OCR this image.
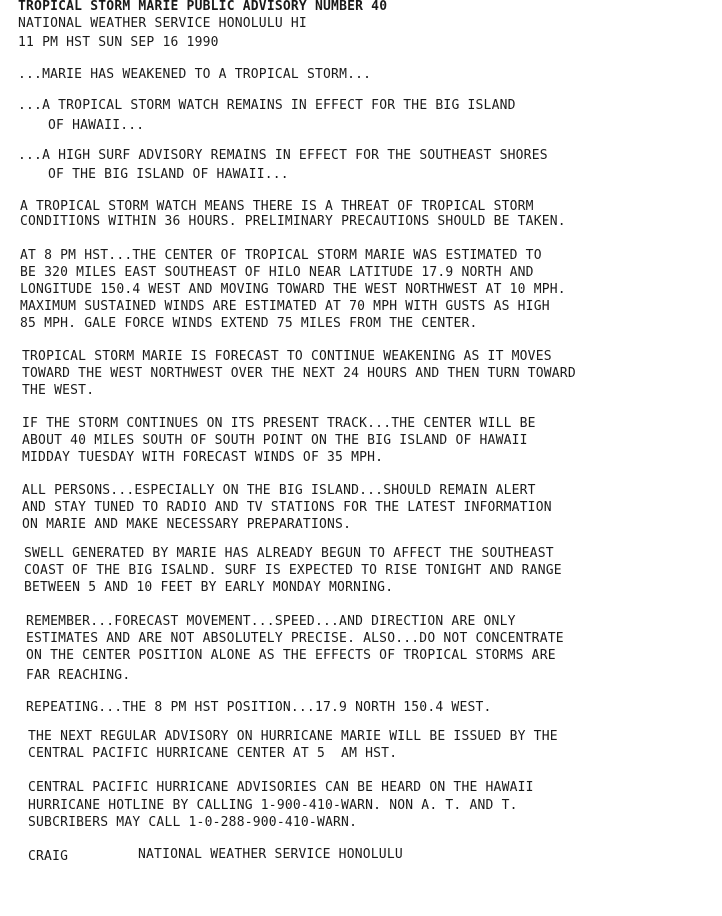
TROPICAL STORM MARIE PUBLIC ADVISORY NUMBER 40

NATIONAL WEATHER SERVICE HONOLULU HI

11 PM HST SUN SEP 16 1990

...MARIE HAS WEAKENED TO A TROPICAL STORM...

...A TROPICAL STORM WATCH REMAINS IN EFFECT FOR THE BIG ISLAND

OF HAWAII...

...A HIGH SURF ADVISORY REMAINS IN EFFECT FOR THE SOUTHEAST SHORES

OF THE BIG ISLAND OF HAWAII...

A TROPICAL STORM WATCH MEANS THERE IS A THREAT OF TROPICAL STORM

CONDITIONS WITHIN 36 HOURS. PRELIMINARY PRECAUTIONS SHOULD BE TAKEN.

AT 8 PM HST...THE CENTER OF TROPICAL STORM MARIE WAS ESTIMATED TO

BE 320 MILES EAST SOUTHEAST OF HILO NEAR LATITUDE 17.9 NORTH AND

LONGITUDE 150.4 WEST AND MOVING TOWARD THE WEST NORTHWEST AT 10 MPH.

MAXIMUM SUSTAINED WINDS ARE ESTIMATED AT 70 MPH WITH GUSTS AS HIGH

85 MPH. GALE FORCE WINDS EXTEND 75 MILES FROM THE CENTER.

TROPICAL STORM MARIE IS FORECAST TO CONTINUE WEAKENING AS IT MOVES

TOWARD THE WEST NORTHWEST OVER THE NEXT 24 HOURS AND THEN TURN TOWARD

THE WEST.

IF THE STORM CONTINUES ON ITS PRESENT TRACK...THE CENTER WILL BE

ABOUT 40 MILES SOUTH OF SOUTH POINT ON THE BIG ISLAND OF HAWAII

MIDDAY TUESDAY WITH FORECAST WINDS OF 35 MPH.

ALL PERSONS...ESPECIALLY ON THE BIG ISLAND...SHOULD REMAIN ALERT

AND STAY TUNED TO RADIO AND TV STATIONS FOR THE LATEST INFORMATION

ON MARIE AND MAKE NECESSARY PREPARATIONS.

SWELL GENERATED BY MARIE HAS ALREADY BEGUN TO AFFECT THE SOUTHEAST

COAST OF THE BIG ISALND. SURF IS EXPECTED TO RISE TONIGHT AND RANGE

BETWEEN 5 AND 10 FEET BY EARLY MONDAY MORNING.

REMEMBER...FORECAST MOVEMENT...SPEED...AND DIRECTION ARE ONLY

ESTIMATES AND ARE NOT ABSOLUTELY PRECISE. ALSO...DO NOT CONCENTRATE

ON THE CENTER POSITION ALONE AS THE EFFECTS OF TROPICAL STORMS ARE

FAR REACHING.

REPEATING...THE 8 PM HST POSITION...17.9 NORTH 150.4 WEST.

THE NEXT REGULAR ADVISORY ON HURRICANE MARIE WILL BE ISSUED BY THE

CENTRAL PACIFIC HURRICANE CENTER AT 5  AM HST.

CENTRAL PACIFIC HURRICANE ADVISORIES CAN BE HEARD ON THE HAWAII

HURRICANE HOTLINE BY CALLING 1-900-410-WARN. NON A. T. AND T.

SUBCRIBERS MAY CALL 1-0-288-900-410-WARN.

CRAIG	NATIONAL WEATHER SERVICE HONOLULU
